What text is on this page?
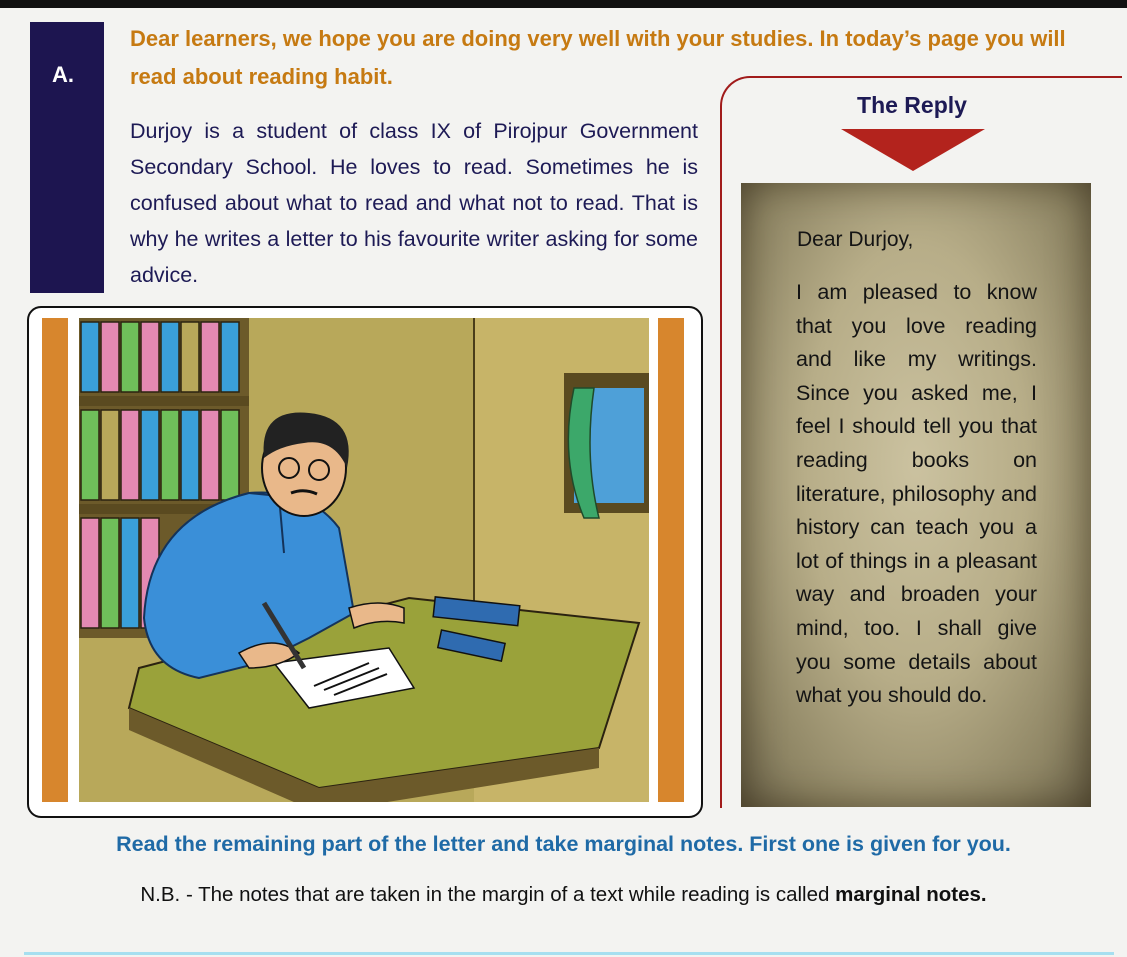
A.
Dear learners, we hope you are doing very well with your studies. In today’s page you will read about reading habit.
Durjoy is a student of class IX of Pirojpur Government Secondary School. He loves to read. Sometimes he is confused about what to read and what not to read. That is why he writes a letter to his favourite writer asking for some advice.
The Reply
Dear Durjoy,
I am pleased to know that you love reading and like my writings. Since you asked me, I feel I should tell you that reading books on literature, philosophy and history can teach you a lot of things in a pleasant way and broaden your mind, too. I shall give you some details about what you should do.
Read the remaining part of the letter and take marginal notes. First one is given for you.
N.B. - The notes that are taken in the margin of a text while reading is called marginal notes.
